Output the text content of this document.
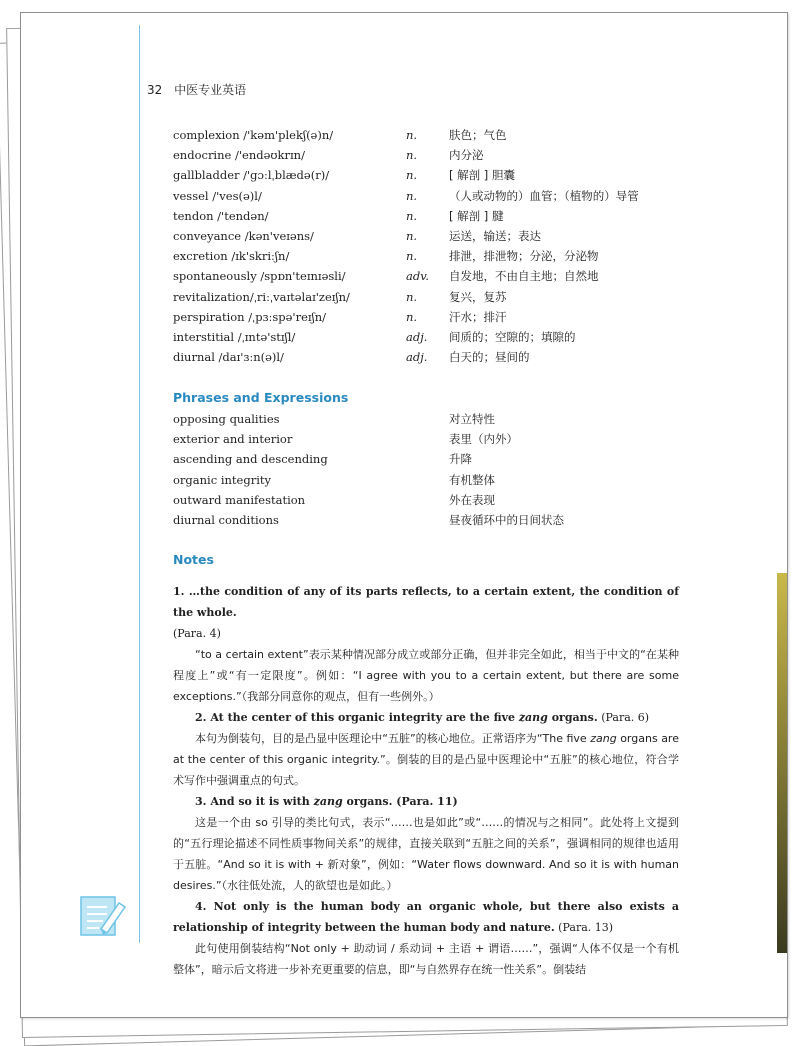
32 中医专业英语
complexion /'kəm'plekʃ(ə)n/	n.	肤色；气色
endocrine /'endəʊkrɪn/	n.	内分泌
gallbladder /'gɔːlˌblædə(r)/	n.	[ 解剖 ] 胆囊
vessel /'ves(ə)l/	n.	（人或动物的）血管；（植物的）导管
tendon /'tendən/	n.	[ 解剖 ] 腱
conveyance /kən'veɪəns/	n.	运送，输送；表达
excretion /ɪk'skriːʃn/	n.	排泄，排泄物；分泌，分泌物
spontaneously /spɒn'teɪnɪəsli/	adv. 自发地，不由自主地；自然地
revitalization/ˌriːˌvaɪtəlaɪ'zeɪʃn/	n.	复兴，复苏
perspiration /ˌpɜːspə'reɪʃn/	n.	汗水；排汗
interstitial /ˌɪntə'stɪʃl/	adj. 间质的；空隙的；填隙的
diurnal /daɪ'ɜːn(ə)l/	adj. 白天的；昼间的
Phrases and Expressions
opposing qualities	对立特性
exterior and interior	表里（内外）
ascending and descending	升降
organic integrity	有机整体
outward manifestation	外在表现
diurnal conditions	昼夜循环中的日间状态
Notes

1. …the condition of any of its parts reflects, to a certain extent, the condition of the whole.

(Para. 4)

“to a certain extent”表示某种情况部分成立或部分正确，但并非完全如此，相当于中文的“在某种程度上”或“有一定限度”。例如：“I agree with you to a certain extent, but there are some exceptions.”（我部分同意你的观点，但有一些例外。）

2. At the center of this organic integrity are the five zang organs. (Para. 6)

本句为倒装句，目的是凸显中医理论中“五脏”的核心地位。正常语序为“The five zang organs are at the center of this organic integrity.”。倒装的目的是凸显中医理论中“五脏”的核心地位，符合学术写作中强调重点的句式。

3. And so it is with zang organs. (Para. 11)

这是一个由 so 引导的类比句式，表示“……也是如此”或“……的情况与之相同”。此处将上文提到的“五行理论描述不同性质事物间关系”的规律，直接关联到“五脏之间的关系”，强调相同的规律也适用于五脏。“And so it is with + 新对象”，例如：“Water flows downward. And so it is with human desires.”（水往低处流，人的欲望也是如此。）

4. Not only is the human body an organic whole, but there also exists a relationship of integrity between the human body and nature. (Para. 13)

此句使用倒装结构“Not only + 助动词 / 系动词 + 主语 + 谓语……”，强调“人体不仅是一个有机整体”，暗示后文将进一步补充更重要的信息，即“与自然界存在统一性关系”。倒装结
